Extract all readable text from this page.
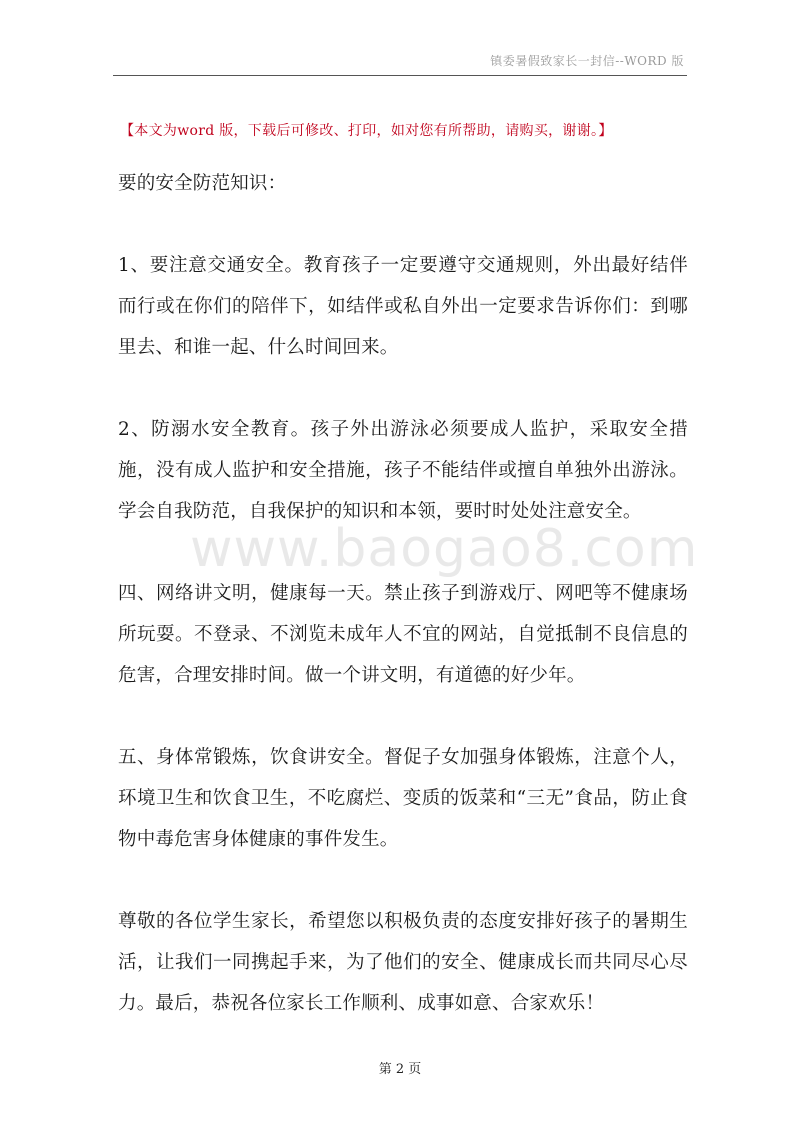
镇委暑假致家长一封信--WORD 版
【本文为word 版，下载后可修改、打印，如对您有所帮助，请购买，谢谢。】

要的安全防范知识：

1、要注意交通安全。教育孩子一定要遵守交通规则，外出最好结伴而行或在你们的陪伴下，如结伴或私自外出一定要求告诉你们：到哪里去、和谁一起、什么时间回来。

2、防溺水安全教育。孩子外出游泳必须要成人监护，采取安全措施，没有成人监护和安全措施，孩子不能结伴或擅自单独外出游泳。学会自我防范，自我保护的知识和本领，要时时处处注意安全。

四、网络讲文明，健康每一天。禁止孩子到游戏厅、网吧等不健康场所玩耍。不登录、不浏览未成年人不宜的网站，自觉抵制不良信息的危害，合理安排时间。做一个讲文明，有道德的好少年。

五、身体常锻炼，饮食讲安全。督促子女加强身体锻炼，注意个人，环境卫生和饮食卫生，不吃腐烂、变质的饭菜和“三无”食品，防止食物中毒危害身体健康的事件发生。

尊敬的各位学生家长，希望您以积极负责的态度安排好孩子的暑期生活，让我们一同携起手来，为了他们的安全、健康成长而共同尽心尽力。最后，恭祝各位家长工作顺利、成事如意、合家欢乐！

www.baogao8.com
第 2 页
